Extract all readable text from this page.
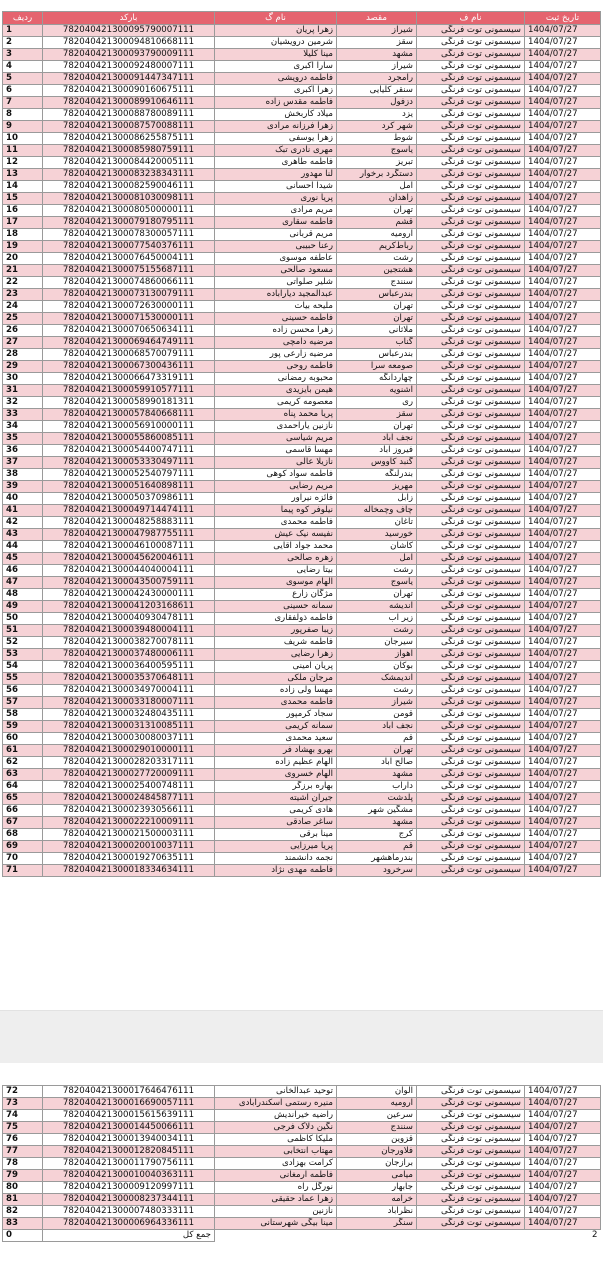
ردیف	بارکد	نام گ	مقصد	نام ف	تاریخ ثبت
1	782040421300095790007111	زهرا پریان	شیراز	سیسمونی توت فرنگی	1404/07/27
2	782040421300094810668111	شرمین درویشیان	سقز	سیسمونی توت فرنگی	1404/07/27
3	782040421300093790009111	مینا کلیلا	مشهد	سیسمونی توت فرنگی	1404/07/27
4	782040421300092480007111	سارا اکبری	شیراز	سیسمونی توت فرنگی	1404/07/27
5	782040421300091447347111	فاطمه درویشی	رامجرد	سیسمونی توت فرنگی	1404/07/27
6	782040421300090160675111	زهرا اکبری	سنقر کلیایی	سیسمونی توت فرنگی	1404/07/27
7	782040421300089910646111	فاطمه مقدس زاده	دزفول	سیسمونی توت فرنگی	1404/07/27
8	782040421300088780089111	میلاد کاربخش	یزد	سیسمونی توت فرنگی	1404/07/27
9	782040421300087570088111	زهرا فرزانه مرادی	شهر کرد	سیسمونی توت فرنگی	1404/07/27
10	782040421300086255875111	زهرا یوسفی	شوط	سیسمونی توت فرنگی	1404/07/27
11	782040421300085980759111	مهری نادری تبک	یاسوج	سیسمونی توت فرنگی	1404/07/27
12	782040421300084420005111	فاطمه طاهری	تبریز	سیسمونی توت فرنگی	1404/07/27
13	782040421300083238343111	لنا مهدور	دستگرد برخوار	سیسمونی توت فرنگی	1404/07/27
14	782040421300082590046111	شیدا احسانی	آمل	سیسمونی توت فرنگی	1404/07/27
15	782040421300081030098111	پریا نوری	زاهدان	سیسمونی توت فرنگی	1404/07/27
16	782040421300080500000111	مریم مرادی	تهران	سیسمونی توت فرنگی	1404/07/27
17	782040421300079180795111	فاطمه سقاری	قشم	سیسمونی توت فرنگی	1404/07/27
18	782040421300078300057111	مریم قربانی	ارومیه	سیسمونی توت فرنگی	1404/07/27
19	782040421300077540376111	رعنا حبیبی	رباط‌کریم	سیسمونی توت فرنگی	1404/07/27
20	782040421300076450004111	عاطفه موسوی	رشت	سیسمونی توت فرنگی	1404/07/27
21	782040421300075155687111	مسعود صالحی	هشتجین	سیسمونی توت فرنگی	1404/07/27
22	782040421300074860066111	شلیر صلواتی	سنندج	سیسمونی توت فرنگی	1404/07/27
23	782040421300073130079111	عبدالمجید دیارآباده	بندرعباس	سیسمونی توت فرنگی	1404/07/27
24	782040421300072630000111	ملیحه بیات	تهران	سیسمونی توت فرنگی	1404/07/27
25	782040421300071530000111	فاطمه حسینی	تهران	سیسمونی توت فرنگی	1404/07/27
26	782040421300070650634111	زهرا محسن زاده	ملاثانی	سیسمونی توت فرنگی	1404/07/27
27	782040421300069464749111	مرضیه دامچی	گناب	سیسمونی توت فرنگی	1404/07/27
28	782040421300068570079111	مرضیه زارعی پور	بندرعباس	سیسمونی توت فرنگی	1404/07/27
29	782040421300067300436111	فاطمه روحی	صومعه سرا	سیسمونی توت فرنگی	1404/07/27
30	782040421300066473319111	محبوبه رمضانی	چهاردانگه	سیسمونی توت فرنگی	1404/07/27
31	782040421300059910577111	هیمن بایزیدی	اشنویه	سیسمونی توت فرنگی	1404/07/27
32	782040421300058990181311	معصومه کریمی	ری	سیسمونی توت فرنگی	1404/07/27
33	782040421300057840668111	پریا محمد پناه	سقز	سیسمونی توت فرنگی	1404/07/27
34	782040421300056910000111	نازنین یاراحمدی	تهران	سیسمونی توت فرنگی	1404/07/27
35	782040421300055860085111	مریم شیاسی	نجف آباد	سیسمونی توت فرنگی	1404/07/27
36	782040421300054400747111	مهسا قاسمی	فیروز آباد	سیسمونی توت فرنگی	1404/07/27
37	782040421300053330497111	نازیلا عالی	گنبد کاووس	سیسمونی توت فرنگی	1404/07/27
38	782040421300052540797111	فاطمه سواد کوهی	بندرلنگه	سیسمونی توت فرنگی	1404/07/27
39	782040421300051640898111	مریم رضایی	مهریز	سیسمونی توت فرنگی	1404/07/27
40	782040421300050370986111	فائزه نیراور	زابل	سیسمونی توت فرنگی	1404/07/27
41	782040421300049714474111	نیلوفر کوه پیما	چاف وچمخاله	سیسمونی توت فرنگی	1404/07/27
42	782040421300048258883111	فاطمه محمدی	تاغان	سیسمونی توت فرنگی	1404/07/27
43	782040421300047987755111	نفیسه نیک عیش	خورسید	سیسمونی توت فرنگی	1404/07/27
44	782040421300046100087111	محمد جواد اقایی	کاشان	سیسمونی توت فرنگی	1404/07/27
45	782040421300045620046111	زهره صالحی	آمل	سیسمونی توت فرنگی	1404/07/27
46	782040421300044040004111	بیتا رضایی	رشت	سیسمونی توت فرنگی	1404/07/27
47	782040421300043500759111	الهام موسوی	یاسوج	سیسمونی توت فرنگی	1404/07/27
48	782040421300042430000111	مژگان زارع	تهران	سیسمونی توت فرنگی	1404/07/27
49	782040421300041203168611	سمانه حسینی	اندیشه	سیسمونی توت فرنگی	1404/07/27
50	782040421300040930478111	فاطمه ذولفقاری	زیر آب	سیسمونی توت فرنگی	1404/07/27
51	782040421300039480004111	زیبا صفرپور	رشت	سیسمونی توت فرنگی	1404/07/27
52	782040421300038270078111	فاطمه شریف	سیرجان	سیسمونی توت فرنگی	1404/07/27
53	782040421300037480006111	زهرا رضایی	اهواز	سیسمونی توت فرنگی	1404/07/27
54	782040421300036400595111	پریان امینی	بوکان	سیسمونی توت فرنگی	1404/07/27
55	782040421300035370648111	مرجان ملکی	اندیمشک	سیسمونی توت فرنگی	1404/07/27
56	782040421300034970004111	مهسا ولی زاده	رشت	سیسمونی توت فرنگی	1404/07/27
57	782040421300033180007111	فاطمه محمدی	شیراز	سیسمونی توت فرنگی	1404/07/27
58	782040421300032480435111	سجاد کرمپور	قومن	سیسمونی توت فرنگی	1404/07/27
59	782040421300031310085111	سمانه کریمی	نجف آباد	سیسمونی توت فرنگی	1404/07/27
60	782040421300030080037111	سعید محمدی	قم	سیسمونی توت فرنگی	1404/07/27
61	782040421300029010000111	بهرو بهشاد فر	تهران	سیسمونی توت فرنگی	1404/07/27
62	782040421300028203317111	الهام عظیم زاده	صالح آباد	سیسمونی توت فرنگی	1404/07/27
63	782040421300027720009111	الهام خسروی	مشهد	سیسمونی توت فرنگی	1404/07/27
64	782040421300025400748111	بهاره برزگر	داراب	سیسمونی توت فرنگی	1404/07/27
65	782040421300024845877111	جیران اشیته	پلدشت	سیسمونی توت فرنگی	1404/07/27
66	782040421300023930566111	هادی کریمی	مشگین شهر	سیسمونی توت فرنگی	1404/07/27
67	782040421300022210009111	ساغر صادقی	مشهد	سیسمونی توت فرنگی	1404/07/27
68	782040421300021500003111	مینا برقی	کرج	سیسمونی توت فرنگی	1404/07/27
69	782040421300020010037111	پریا میرزایی	قم	سیسمونی توت فرنگی	1404/07/27
70	782040421300019270635111	نجمه دانشمند	بندرماهشهر	سیسمونی توت فرنگی	1404/07/27
71	782040421300018334634111	فاطمه مهدی نژاد	سرخرود	سیسمونی توت فرنگی	1404/07/27
72	782040421300017646476111	توحید عبدالخانی	الوان	سیسمونی توت فرنگی	1404/07/27
73	782040421300016690057111	منیره رستمی اسکندرآبادی	ارومیه	سیسمونی توت فرنگی	1404/07/27
74	782040421300015615639111	راضیه خیراندیش	سرعین	سیسمونی توت فرنگی	1404/07/27
75	782040421300014450066111	نگین دلاک فرجی	سنندج	سیسمونی توت فرنگی	1404/07/27
76	782040421300013940034111	ملیکا کاظمی	قزوین	سیسمونی توت فرنگی	1404/07/27
77	782040421300012820845111	مهتاب انتخابی	فلاورجان	سیسمونی توت فرنگی	1404/07/27
78	782040421300011790756111	کرامت بهزادی	برازجان	سیسمونی توت فرنگی	1404/07/27
79	782040421300010040363111	فاطمه ارمغانی	میامی	سیسمونی توت فرنگی	1404/07/27
80	782040421300009120997111	نورگل راه	جابهار	سیسمونی توت فرنگی	1404/07/27
81	782040421300008237344111	زهرا عماد حقیقی	خرامه	سیسمونی توت فرنگی	1404/07/27
82	782040421300007480333111	نازنین	نظرآباد	سیسمونی توت فرنگی	1404/07/27
83	782040421300006964336111	مینا بیگی شهرستانی	سنگر	سیسمونی توت فرنگی	1404/07/27
0	جمع کل				2
